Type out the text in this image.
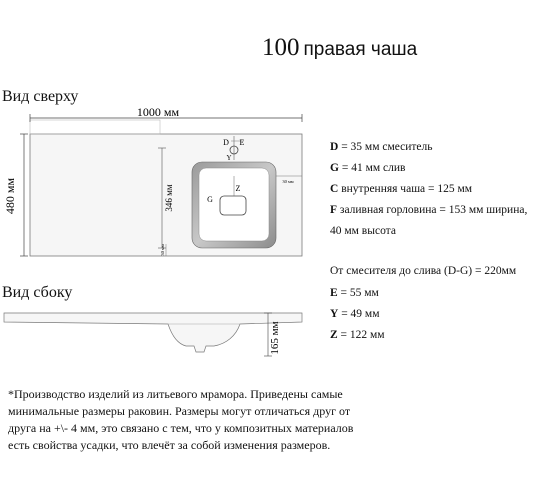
100 правая чаша
Вид сверху
Вид сбоку
1000 мм
480 мм	346 мм
30 мм
30 мм
D E
Y
Z
G
165 мм
D = 35 мм смеситель
G = 41 мм слив
C внутренняя чаша = 125 мм
F заливная горловина = 153 мм ширина,
40 мм высота
От смесителя до слива (D-G) = 220мм
E = 55 мм
Y = 49 мм
Z = 122 мм
*Производство изделий из литьевого мрамора. Приведены самые минимальные размеры раковин. Размеры могут отличаться друг от друга на +\- 4 мм, это связано с тем, что у композитных материалов есть свойства усадки, что влечёт за собой изменения размеров.
